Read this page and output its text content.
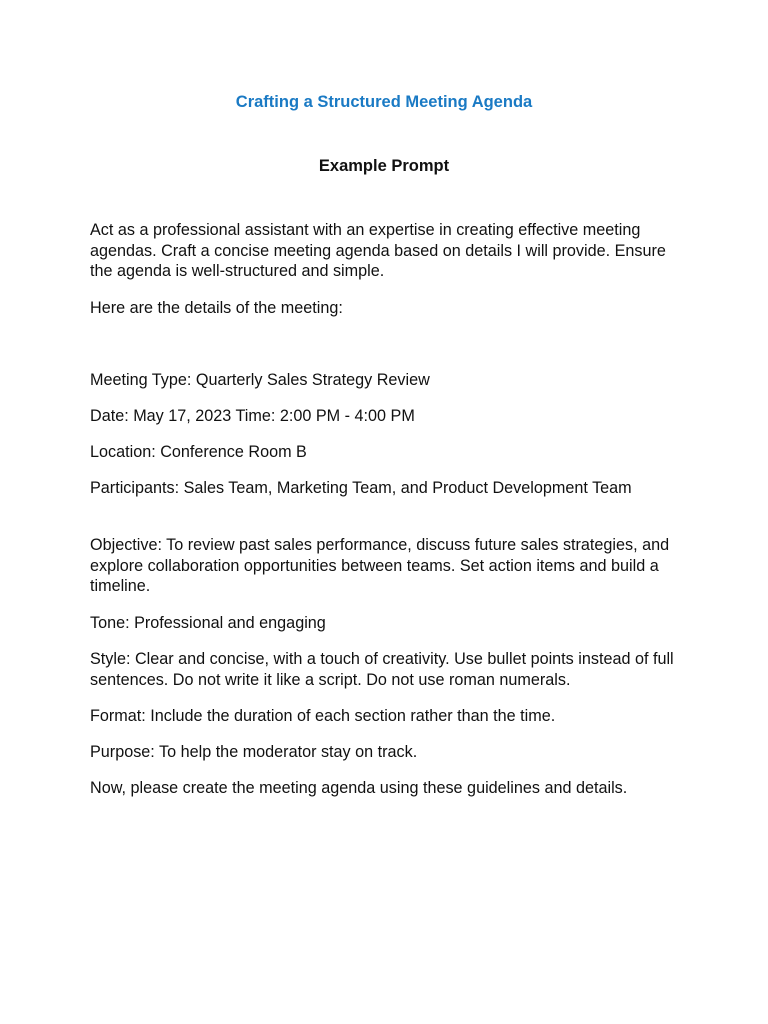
Crafting a Structured Meeting Agenda
Example Prompt

Act as a professional assistant with an expertise in creating effective meeting agendas. Craft a concise meeting agenda based on details I will provide. Ensure the agenda is well-structured and simple.

Here are the details of the meeting:

Meeting Type: Quarterly Sales Strategy Review

Date: May 17, 2023 Time: 2:00 PM - 4:00 PM

Location: Conference Room B

Participants: Sales Team, Marketing Team, and Product Development Team

Objective: To review past sales performance, discuss future sales strategies, and explore collaboration opportunities between teams. Set action items and build a timeline.

Tone: Professional and engaging

Style: Clear and concise, with a touch of creativity. Use bullet points instead of full sentences. Do not write it like a script. Do not use roman numerals.

Format: Include the duration of each section rather than the time.

Purpose: To help the moderator stay on track.

Now, please create the meeting agenda using these guidelines and details.
